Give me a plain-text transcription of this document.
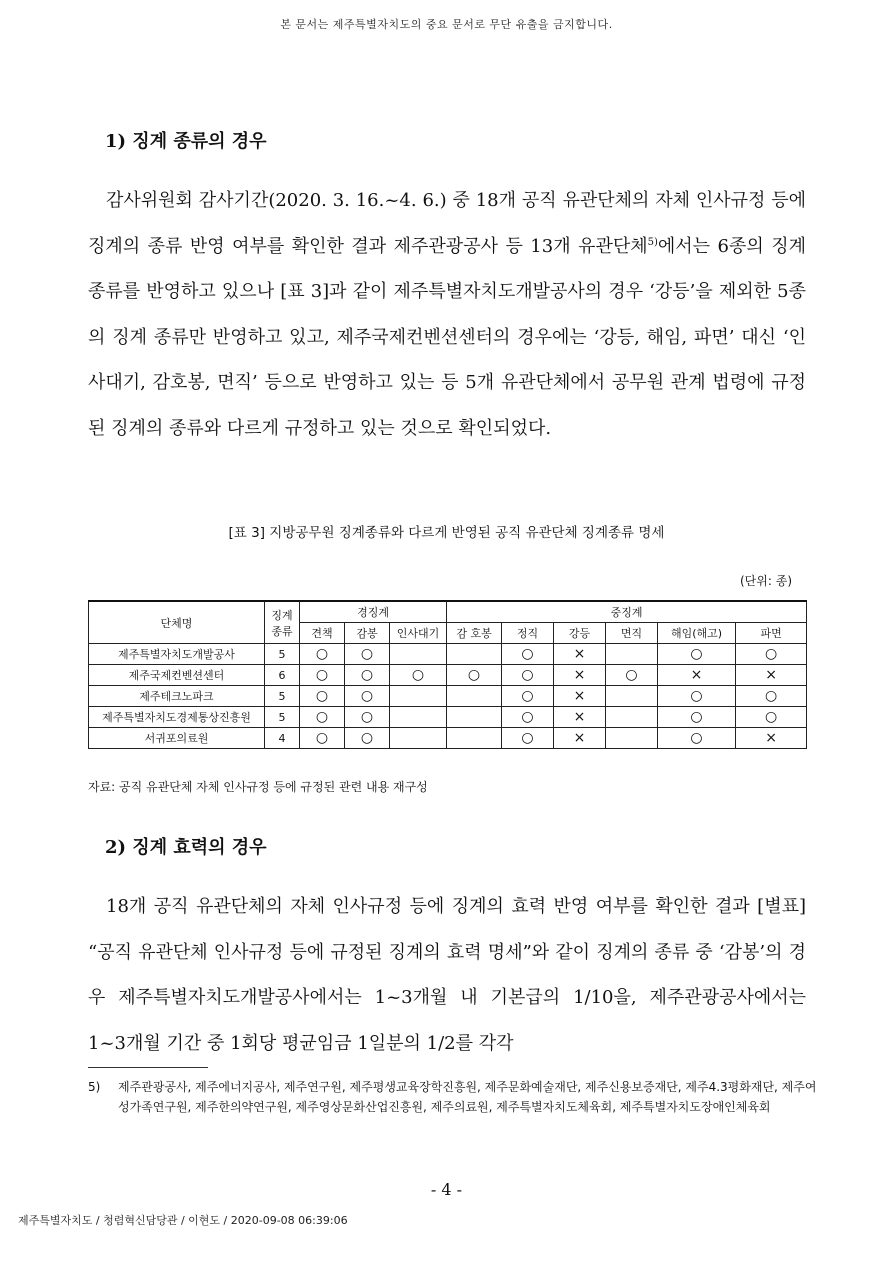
본 문서는 제주특별자치도의 중요 문서로 무단 유출을 금지합니다.
1) 징계 종류의 경우

감사위원회 감사기간(2020. 3. 16.~4. 6.) 중 18개 공직 유관단체의 자체 인사규정 등에 징계의 종류 반영 여부를 확인한 결과 제주관광공사 등 13개 유관단체$^{5)}$에서는 6종의 징계 종류를 반영하고 있으나 [표 3]과 같이 제주특별자치도개발공사의 경우 ‘강등’을 제외한 5종의 징계 종류만 반영하고 있고, 제주국제컨벤션센터의 경우에는 ‘강등, 해임, 파면’ 대신 ‘인사대기, 감호봉, 면직’ 등으로 반영하고 있는 등 5개 유관단체에서 공무원 관계 법령에 규정된 징계의 종류와 다르게 규정하고 있는 것으로 확인되었다.

[표 3] 지방공무원 징계종류와 다르게 반영된 공직 유관단체 징계종류 명세
(단위: 종)
단체명	징계
종류	경징계			중징계					
		견책	감봉	인사대기	감 호봉	정직	강등	면직	해임(해고)	파면
제주특별자치도개발공사	5	○	○			○	×		○	○
제주국제컨벤션센터	6	○	○	○	○	○	×	○	×	×
제주테크노파크	5	○	○			○	×		○	○
제주특별자치도경제통상진흥원	5	○	○			○	×		○	○
서귀포의료원	4	○	○			○	×		○	×
자료: 공직 유관단체 자체 인사규정 등에 규정된 관련 내용 재구성
2) 징계 효력의 경우

18개 공직 유관단체의 자체 인사규정 등에 징계의 효력 반영 여부를 확인한 결과 [별표] “공직 유관단체 인사규정 등에 규정된 징계의 효력 명세”와 같이 징계의 종류 중 ‘감봉’의 경우 제주특별자치도개발공사에서는 1~3개월 내 기본급의 1/10을, 제주관광공사에서는 1~3개월 기간 중 1회당 평균임금 1일분의 1/2를 각각

5) 제주관광공사, 제주에너지공사, 제주연구원, 제주평생교육장학진흥원, 제주문화예술재단, 제주신용보증재단, 제주4.3평화재단, 제주여성가족연구원, 제주한의약연구원, 제주영상문화산업진흥원, 제주의료원, 제주특별자치도체육회, 제주특별자치도장애인체육회
- 4 -
제주특별자치도 / 청렴혁신담당관 / 이현도 / 2020-09-08 06:39:06
